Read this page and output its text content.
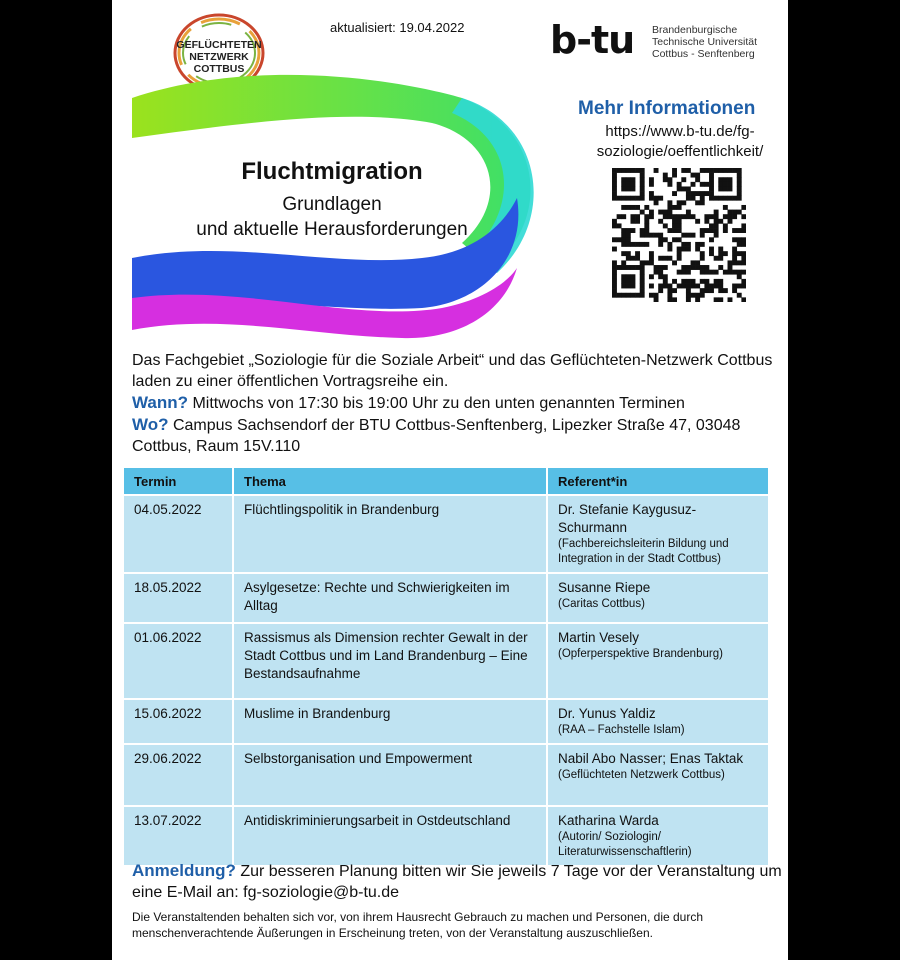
GEFLÜCHTETEN
NETZWERK
COTTBUS
aktualisiert: 19.04.2022 b-tu Brandenburgische
Technische Universität
Cottbus - Senftenberg
Fluchtmigration
Grundlagen
und aktuelle Herausforderungen
Mehr Informationen
https://www.b-tu.de/fg-
soziologie/oeffentlichkeit/
Das Fachgebiet „Soziologie für die Soziale Arbeit“ und das Geflüchteten-Netzwerk Cottbus laden zu einer öffentlichen Vortragsreihe ein.
Wann? Mittwochs von 17:30 bis 19:00 Uhr zu den unten genannten Terminen
Wo? Campus Sachsendorf der BTU Cottbus-Senftenberg, Lipezker Straße 47, 03048 Cottbus, Raum 15V.110
Termin	Thema	Referent*in
04.05.2022	Flüchtlingspolitik in Brandenburg	Dr. Stefanie Kaygusuz-Schurmann
(Fachbereichsleiterin Bildung und Integration in der Stadt Cottbus)

18.05.2022	Asylgesetze: Rechte und Schwierigkeiten im Alltag	Susanne Riepe
(Caritas Cottbus)

01.06.2022	Rassismus als Dimension rechter Gewalt in der Stadt Cottbus und im Land Brandenburg – Eine Bestandsaufnahme	Martin Vesely
(Opferperspektive Brandenburg)

15.06.2022	Muslime in Brandenburg	Dr. Yunus Yaldiz
(RAA – Fachstelle Islam)

29.06.2022	Selbstorganisation und Empowerment	Nabil Abo Nasser; Enas Taktak
(Geflüchteten Netzwerk Cottbus)

13.07.2022	Antidiskriminierungsarbeit in Ostdeutschland	Katharina Warda
(Autorin/ Soziologin/ Literaturwissenschaftlerin)
Anmeldung? Zur besseren Planung bitten wir Sie jeweils 7 Tage vor der Veranstaltung um eine E-Mail an: fg-soziologie@b-tu.de
Die Veranstaltenden behalten sich vor, von ihrem Hausrecht Gebrauch zu machen und Personen, die durch menschenverachtende Äußerungen in Erscheinung treten, von der Veranstaltung auszuschließen.
